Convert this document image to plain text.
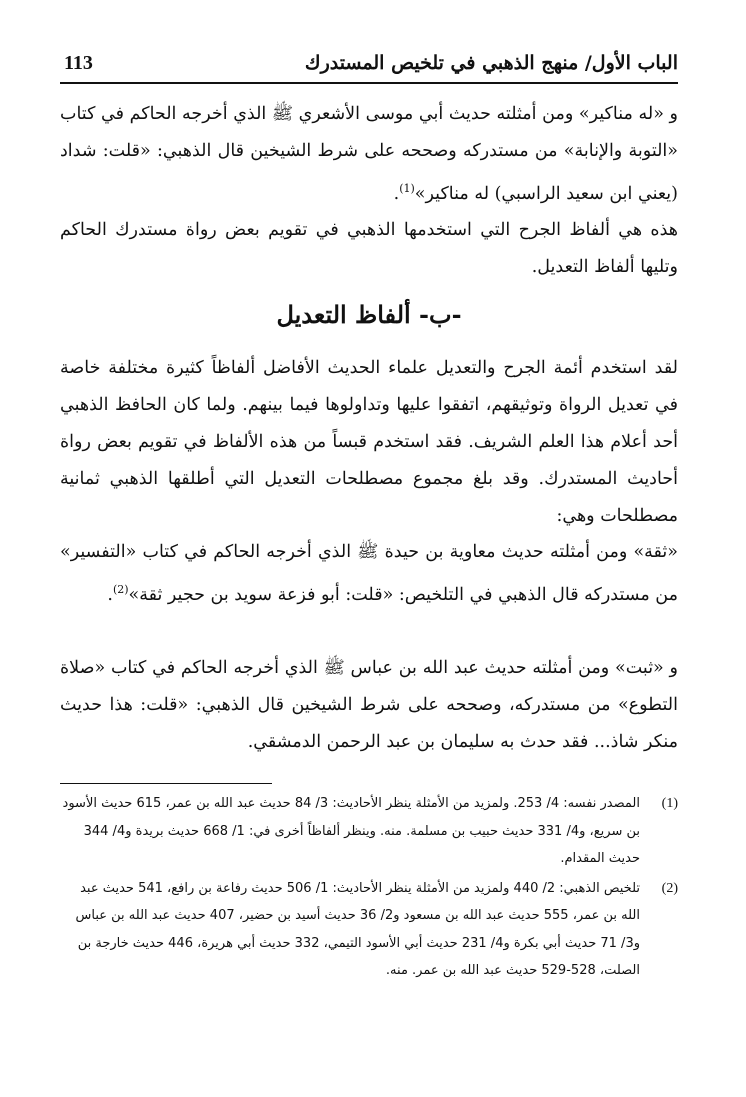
الباب الأول/ منهج الذهبي في تلخيص المستدرك
113

و «له مناكير» ومن أمثلته حديث أبي موسى الأشعري ﷺ الذي أخرجه الحاكم في كتاب «التوبة والإنابة» من مستدركه وصححه على شرط الشيخين قال الذهبي: «قلت: شداد (يعني ابن سعيد الراسبي) له مناكير»$^{(1)}$.

هذه هي ألفاظ الجرح التي استخدمها الذهبي في تقويم بعض رواة مستدرك الحاكم وتليها ألفاظ التعديل.

-ب- ألفاظ التعديل

لقد استخدم أئمة الجرح والتعديل علماء الحديث الأفاضل ألفاظاً كثيرة مختلفة خاصة في تعديل الرواة وتوثيقهم، اتفقوا عليها وتداولوها فيما بينهم. ولما كان الحافظ الذهبي أحد أعلام هذا العلم الشريف. فقد استخدم قبساً من هذه الألفاظ في تقويم بعض رواة أحاديث المستدرك. وقد بلغ مجموع مصطلحات التعديل التي أطلقها الذهبي ثمانية مصطلحات وهي:

«ثقة» ومن أمثلته حديث معاوية بن حيدة ﷺ الذي أخرجه الحاكم في كتاب «التفسير» من مستدركه قال الذهبي في التلخيص: «قلت: أبو فزعة سويد بن حجير ثقة»$^{(2)}$.

و «ثبت» ومن أمثلته حديث عبد الله بن عباس ﷺ الذي أخرجه الحاكم في كتاب «صلاة التطوع» من مستدركه، وصححه على شرط الشيخين قال الذهبي: «قلت: هذا حديث منكر شاذ... فقد حدث به سليمان بن عبد الرحمن الدمشقي.

(1)
المصدر نفسه: 4/ 253. ولمزيد من الأمثلة ينظر الأحاديث: 3/ 84 حديث عبد الله بن عمر، 615 حديث الأسود بن سريع، و4/ 331 حديث حبيب بن مسلمة. منه. وينظر ألفاظاً أخرى في: 1/ 668 حديث بريدة و4/ 344 حديث المقدام.

(2)
تلخيص الذهبي: 2/ 440 ولمزيد من الأمثلة ينظر الأحاديث: 1/ 506 حديث رفاعة بن رافع، 541 حديث عبد الله بن عمر، 555 حديث عبد الله بن مسعود و2/ 36 حديث أسيد بن حضير، 407 حديث عبد الله بن عباس و3/ 71 حديث أبي بكرة و4/ 231 حديث أبي الأسود التيمي، 332 حديث أبي هريرة، 446 حديث خارجة بن الصلت، 528-529 حديث عبد الله بن عمر. منه.
